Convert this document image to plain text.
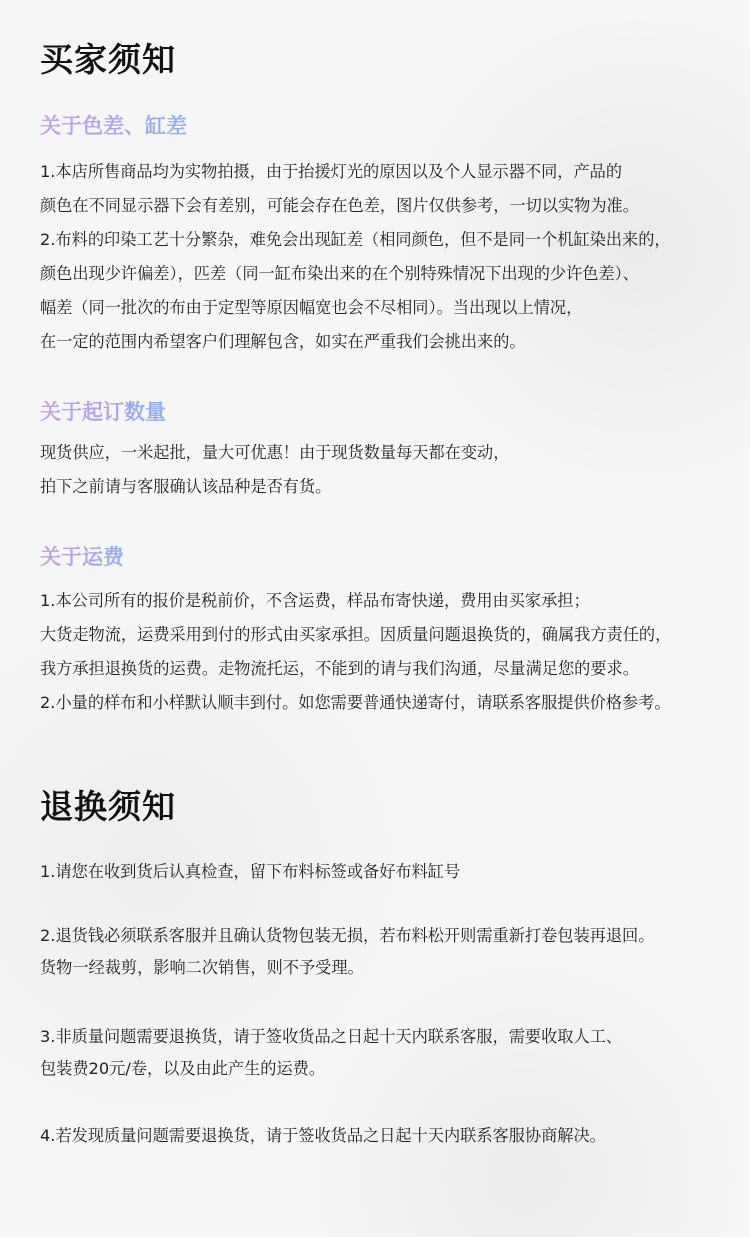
买家须知
关于色差、缸差
1.本店所售商品均为实物拍摄，由于抬援灯光的原因以及个人显示器不同，产品的
颜色在不同显示器下会有差别，可能会存在色差，图片仅供参考，一切以实物为准。
2.布料的印染工艺十分繁杂，难免会出现缸差（相同颜色，但不是同一个机缸染出来的，
颜色出现少许偏差），匹差（同一缸布染出来的在个别特殊情况下出现的少许色差）、
幅差（同一批次的布由于定型等原因幅宽也会不尽相同）。当出现以上情况，
在一定的范围内希望客户们理解包含，如实在严重我们会挑出来的。
关于起订数量
现货供应，一米起批，量大可优惠！由于现货数量每天都在变动，
拍下之前请与客服确认该品种是否有货。
关于运费
1.本公司所有的报价是税前价，不含运费，样品布寄快递，费用由买家承担；
大货走物流，运费采用到付的形式由买家承担。因质量问题退换货的，确属我方责任的，
我方承担退换货的运费。走物流托运，不能到的请与我们沟通，尽量满足您的要求。
2.小量的样布和小样默认顺丰到付。如您需要普通快递寄付，请联系客服提供价格参考。
退换须知
1.请您在收到货后认真检查，留下布料标签或备好布料缸号
2.退货钱必须联系客服并且确认货物包装无损，若布料松开则需重新打卷包装再退回。
货物一经裁剪，影响二次销售，则不予受理。
3.非质量问题需要退换货，请于签收货品之日起十天内联系客服，需要收取人工、
包装费20元/卷，以及由此产生的运费。
4.若发现质量问题需要退换货，请于签收货品之日起十天内联系客服协商解决。
